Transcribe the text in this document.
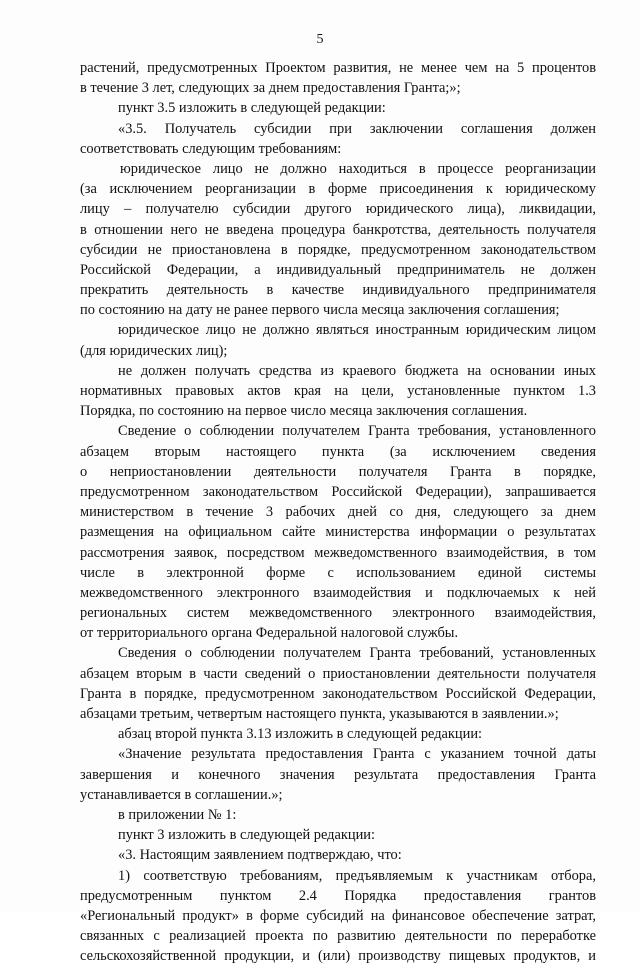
5
растений, предусмотренных Проектом развития, не менее чем на 5 процентов
в течение 3 лет, следующих за днем предоставления Гранта;»;
пункт 3.5 изложить в следующей редакции:
«3.5. Получатель субсидии при заключении соглашения должен
соответствовать следующим требованиям:
юридическое лицо не должно находиться в процессе реорганизации
(за исключением реорганизации в форме присоединения к юридическому
лицу – получателю субсидии другого юридического лица), ликвидации,
в отношении него не введена процедура банкротства, деятельность получателя
субсидии не приостановлена в порядке, предусмотренном законодательством
Российской Федерации, а индивидуальный предприниматель не должен
прекратить деятельность в качестве индивидуального предпринимателя
по состоянию на дату не ранее первого числа месяца заключения соглашения;
юридическое лицо не должно являться иностранным юридическим лицом
(для юридических лиц);
не должен получать средства из краевого бюджета на основании иных
нормативных правовых актов края на цели, установленные пунктом 1.3
Порядка, по состоянию на первое число месяца заключения соглашения.
Сведение о соблюдении получателем Гранта требования, установленного
абзацем вторым настоящего пункта (за исключением сведения
о неприостановлении деятельности получателя Гранта в порядке,
предусмотренном законодательством Российской Федерации), запрашивается
министерством в течение 3 рабочих дней со дня, следующего за днем
размещения на официальном сайте министерства информации о результатах
рассмотрения заявок, посредством межведомственного взаимодействия, в том
числе в электронной форме с использованием единой системы
межведомственного электронного взаимодействия и подключаемых к ней
региональных систем межведомственного электронного взаимодействия,
от территориального органа Федеральной налоговой службы.
Сведения о соблюдении получателем Гранта требований, установленных
абзацем вторым в части сведений о приостановлении деятельности получателя
Гранта в порядке, предусмотренном законодательством Российской Федерации,
абзацами третьим, четвертым настоящего пункта, указываются в заявлении.»;
абзац второй пункта 3.13 изложить в следующей редакции:
«Значение результата предоставления Гранта с указанием точной даты
завершения и конечного значения результата предоставления Гранта
устанавливается в соглашении.»;
в приложении № 1:
пункт 3 изложить в следующей редакции:
«3. Настоящим заявлением подтверждаю, что:
1) соответствую требованиям, предъявляемым к участникам отбора,
предусмотренным пунктом 2.4 Порядка предоставления грантов
«Региональный продукт» в форме субсидий на финансовое обеспечение затрат,
связанных с реализацией проекта по развитию деятельности по переработке
сельскохозяйственной продукции, и (или) производству пищевых продуктов, и
